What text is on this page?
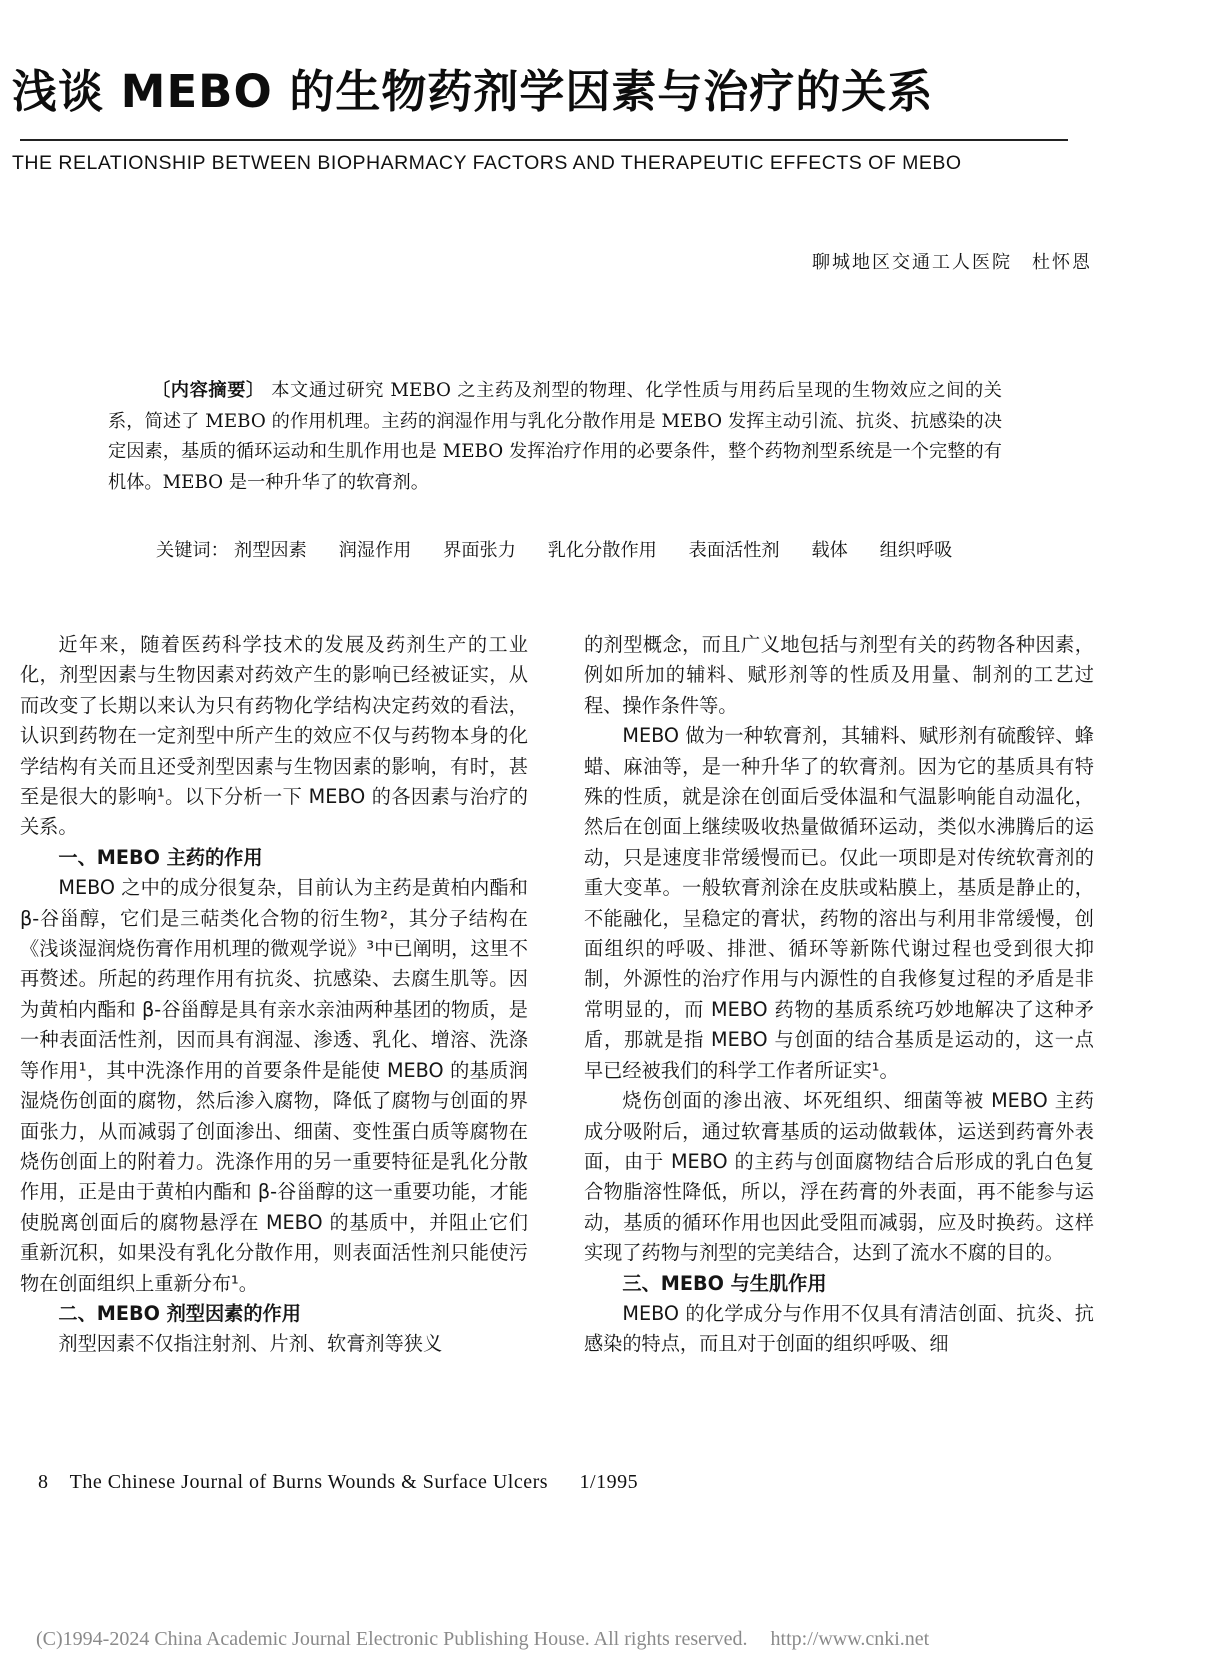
浅谈 MEBO 的生物药剂学因素与治疗的关系
THE RELATIONSHIP BETWEEN BIOPHARMACY FACTORS AND THERAPEUTIC EFFECTS OF MEBO
聊城地区交通工人医院　杜怀恩
〔内容摘要〕 本文通过研究 MEBO 之主药及剂型的物理、化学性质与用药后呈现的生物效应之间的关系，简述了 MEBO 的作用机理。主药的润湿作用与乳化分散作用是 MEBO 发挥主动引流、抗炎、抗感染的决定因素，基质的循环运动和生肌作用也是 MEBO 发挥治疗作用的必要条件，整个药物剂型系统是一个完整的有机体。MEBO 是一种升华了的软膏剂。
关键词： 剂型因素 润湿作用 界面张力 乳化分散作用 表面活性剂 载体 组织呼吸

近年来，随着医药科学技术的发展及药剂生产的工业化，剂型因素与生物因素对药效产生的影响已经被证实，从而改变了长期以来认为只有药物化学结构决定药效的看法，认识到药物在一定剂型中所产生的效应不仅与药物本身的化学结构有关而且还受剂型因素与生物因素的影响，有时，甚至是很大的影响¹。以下分析一下 MEBO 的各因素与治疗的关系。

一、MEBO 主药的作用

MEBO 之中的成分很复杂，目前认为主药是黄柏内酯和 β-谷甾醇，它们是三萜类化合物的衍生物²，其分子结构在《浅谈湿润烧伤膏作用机理的微观学说》³中已阐明，这里不再赘述。所起的药理作用有抗炎、抗感染、去腐生肌等。因为黄柏内酯和 β-谷甾醇是具有亲水亲油两种基团的物质，是一种表面活性剂，因而具有润湿、渗透、乳化、增溶、洗涤等作用¹，其中洗涤作用的首要条件是能使 MEBO 的基质润湿烧伤创面的腐物，然后渗入腐物，降低了腐物与创面的界面张力，从而减弱了创面渗出、细菌、变性蛋白质等腐物在烧伤创面上的附着力。洗涤作用的另一重要特征是乳化分散作用，正是由于黄柏内酯和 β-谷甾醇的这一重要功能，才能使脱离创面后的腐物悬浮在 MEBO 的基质中，并阻止它们重新沉积，如果没有乳化分散作用，则表面活性剂只能使污物在创面组织上重新分布¹。

二、MEBO 剂型因素的作用

剂型因素不仅指注射剂、片剂、软膏剂等狭义

的剂型概念，而且广义地包括与剂型有关的药物各种因素，例如所加的辅料、赋形剂等的性质及用量、制剂的工艺过程、操作条件等。

MEBO 做为一种软膏剂，其辅料、赋形剂有硫酸锌、蜂蜡、麻油等，是一种升华了的软膏剂。因为它的基质具有特殊的性质，就是涂在创面后受体温和气温影响能自动温化，然后在创面上继续吸收热量做循环运动，类似水沸腾后的运动，只是速度非常缓慢而已。仅此一项即是对传统软膏剂的重大变革。一般软膏剂涂在皮肤或粘膜上，基质是静止的，不能融化，呈稳定的膏状，药物的溶出与利用非常缓慢，创面组织的呼吸、排泄、循环等新陈代谢过程也受到很大抑制，外源性的治疗作用与内源性的自我修复过程的矛盾是非常明显的，而 MEBO 药物的基质系统巧妙地解决了这种矛盾，那就是指 MEBO 与创面的结合基质是运动的，这一点早已经被我们的科学工作者所证实¹。

烧伤创面的渗出液、坏死组织、细菌等被 MEBO 主药成分吸附后，通过软膏基质的运动做载体，运送到药膏外表面，由于 MEBO 的主药与创面腐物结合后形成的乳白色复合物脂溶性降低，所以，浮在药膏的外表面，再不能参与运动，基质的循环作用也因此受阻而减弱，应及时换药。这样实现了药物与剂型的完美结合，达到了流水不腐的目的。

三、MEBO 与生肌作用

MEBO 的化学成分与作用不仅具有清洁创面、抗炎、抗感染的特点，而且对于创面的组织呼吸、细

8 The Chinese Journal of Burns Wounds & Surface Ulcers 1/1995
(C)1994-2024 China Academic Journal Electronic Publishing House. All rights reserved. http://www.cnki.net
